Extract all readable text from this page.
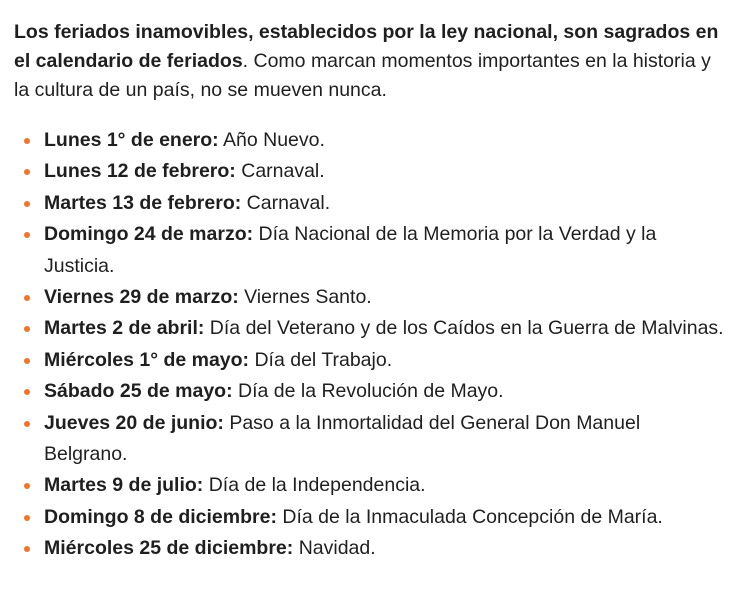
Los feriados inamovibles, establecidos por la ley nacional, son sagrados en el calendario de feriados. Como marcan momentos importantes en la historia y la cultura de un país, no se mueven nunca.

Lunes 1° de enero: Año Nuevo.
Lunes 12 de febrero: Carnaval.
Martes 13 de febrero: Carnaval.
Domingo 24 de marzo: Día Nacional de la Memoria por la Verdad y la Justicia.
Viernes 29 de marzo: Viernes Santo.
Martes 2 de abril: Día del Veterano y de los Caídos en la Guerra de Malvinas.
Miércoles 1° de mayo: Día del Trabajo.
Sábado 25 de mayo: Día de la Revolución de Mayo.
Jueves 20 de junio: Paso a la Inmortalidad del General Don Manuel Belgrano.
Martes 9 de julio: Día de la Independencia.
Domingo 8 de diciembre: Día de la Inmaculada Concepción de María.
Miércoles 25 de diciembre: Navidad.
